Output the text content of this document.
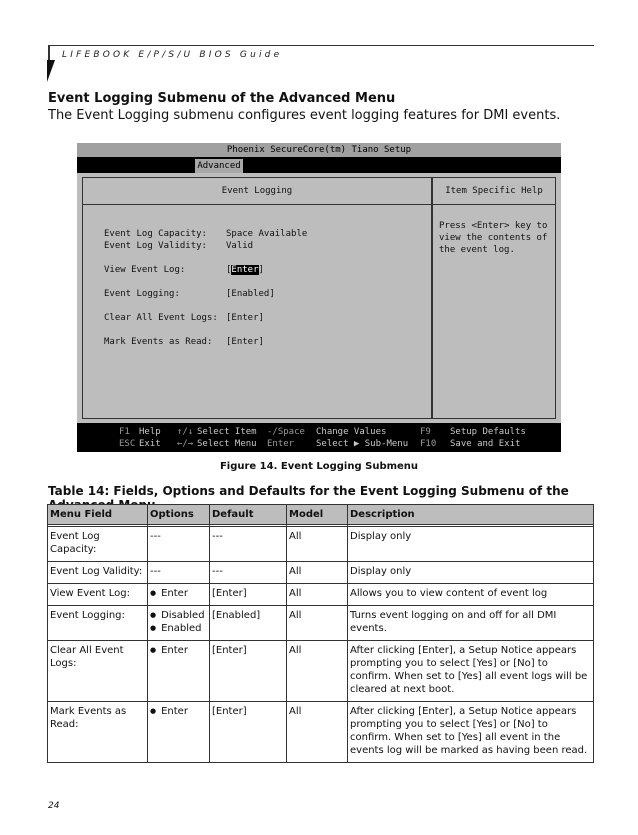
LIFEBOOK E/P/S/U BIOS Guide
Event Logging Submenu of the Advanced Menu
The Event Logging submenu configures event logging features for DMI events.
Phoenix SecureCore(tm) Tiano Setup
Advanced
Event Logging
Event Log Capacity: Space Available
Event Log Validity: Valid
View Event Log:	[Enter]
Event Logging:	[Enabled]
Clear All Event Logs: [Enter]
Mark Events as Read: [Enter]
Item Specific Help
Press <Enter> key to view the contents of the event log.
F1 Help ↑/↓ Select Item -/Space Change Values	F9 Setup Defaults
ESC Exit ←/→ Select Menu Enter Select ▶ Sub-Menu F10 Save and Exit
Figure 14. Event Logging Submenu
Table 14: Fields, Options and Defaults for the Event Logging Submenu of the
Menu Field	Options	Default	Model	Description

Event Log Capacity:	---	---	All	Display only
Event Log Validity:	---	---	All	Display only
View Event Log:	● Enter	[Enter]	All	Allows you to view content of event log
Event Logging:	● Disabled
● Enabled	[Enabled]	All	Turns event logging on and off for all DMI events.
Clear All Event Logs:	● Enter	[Enter]	All	After clicking [Enter], a Setup Notice appears prompting you to select [Yes] or [No] to confirm. When set to [Yes] all event logs will be cleared at next boot.
Mark Events as Read:	● Enter	[Enter]	All	After clicking [Enter], a Setup Notice appears prompting you to select [Yes] or [No] to confirm. When set to [Yes] all event in the events log will be marked as having been read.
24
